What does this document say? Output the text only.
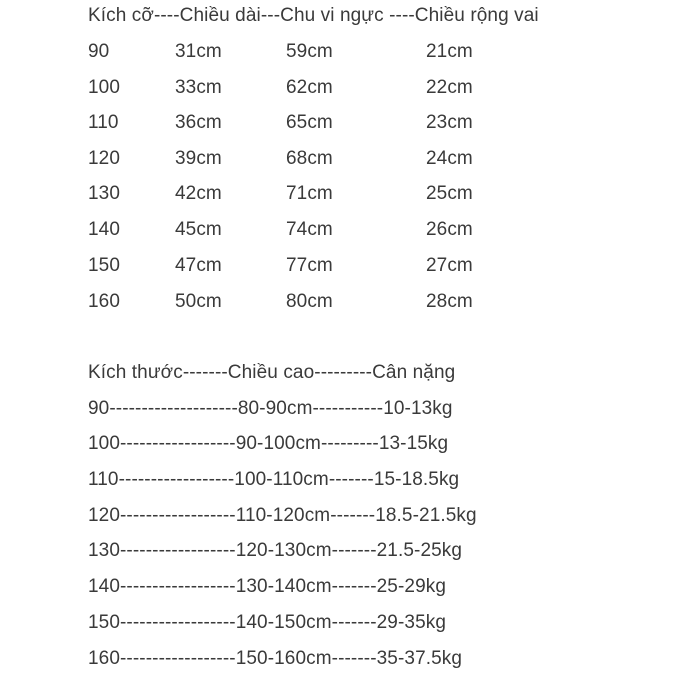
Kích cỡ----Chiều dài---Chu vi ngực ----Chiều rộng vai
90	31cm	59cm	21cm
100	33cm	62cm	22cm
110	36cm	65cm	23cm
120	39cm	68cm	24cm
130	42cm	71cm	25cm
140	45cm	74cm	26cm
150	47cm	77cm	27cm
160	50cm	80cm	28cm
Kích thước-------Chiều cao---------Cân nặng
90--------------------80-90cm-----------10-13kg
100------------------90-100cm---------13-15kg
110------------------100-110cm-------15-18.5kg
120------------------110-120cm-------18.5-21.5kg
130------------------120-130cm-------21.5-25kg
140------------------130-140cm-------25-29kg
150------------------140-150cm-------29-35kg
160------------------150-160cm-------35-37.5kg
